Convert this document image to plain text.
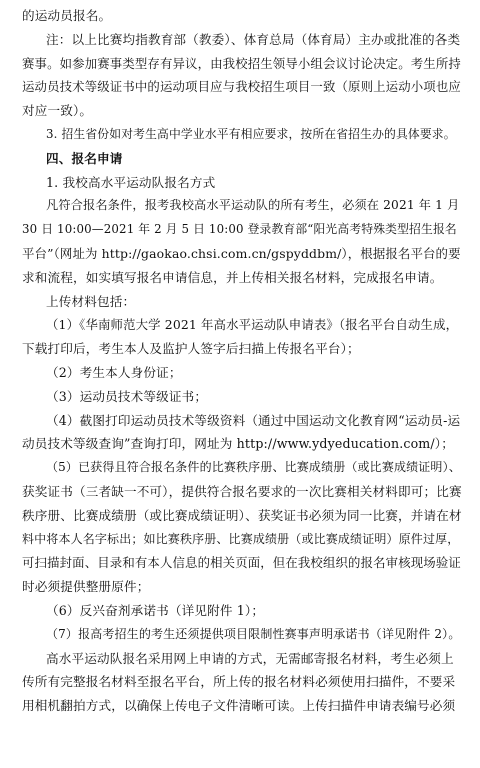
的运动员报名。
注：以上比赛均指教育部（教委）、体育总局（体育局）主办或批准的各类
赛事。如参加赛事类型存有异议，由我校招生领导小组会议讨论决定。考生所持
运动员技术等级证书中的运动项目应与我校招生项目一致（原则上运动小项也应
对应一致）。
3. 招生省份如对考生高中学业水平有相应要求，按所在省招生办的具体要求。
四、报名申请
1. 我校高水平运动队报名方式
凡符合报名条件，报考我校高水平运动队的所有考生，必须在 2021 年 1 月
30 日 10:00—2021 年 2 月 5 日 10:00 登录教育部“阳光高考特殊类型招生报名
平台”（网址为 http://gaokao.chsi.com.cn/gspyddbm/），根据报名平台的要
求和流程，如实填写报名申请信息，并上传相关报名材料，完成报名申请。
上传材料包括：
（1）《华南师范大学 2021 年高水平运动队申请表》（报名平台自动生成，
下载打印后，考生本人及监护人签字后扫描上传报名平台）；
（2）考生本人身份证；
（3）运动员技术等级证书；
（4）截图打印运动员技术等级资料（通过中国运动文化教育网“运动员-运
动员技术等级查询”查询打印，网址为 http://www.ydyeducation.com/）；
（5）已获得且符合报名条件的比赛秩序册、比赛成绩册（或比赛成绩证明）、
获奖证书（三者缺一不可），提供符合报名要求的一次比赛相关材料即可；比赛
秩序册、比赛成绩册（或比赛成绩证明）、获奖证书必须为同一比赛，并请在材
料中将本人名字标出；如比赛秩序册、比赛成绩册（或比赛成绩证明）原件过厚，
可扫描封面、目录和有本人信息的相关页面，但在我校组织的报名审核现场验证
时必须提供整册原件；
（6）反兴奋剂承诺书（详见附件 1）；
（7）报高考招生的考生还须提供项目限制性赛事声明承诺书（详见附件 2）。
高水平运动队报名采用网上申请的方式，无需邮寄报名材料，考生必须上
传所有完整报名材料至报名平台，所上传的报名材料必须使用扫描件，不要采
用相机翻拍方式，以确保上传电子文件清晰可读。上传扫描件申请表编号必须
